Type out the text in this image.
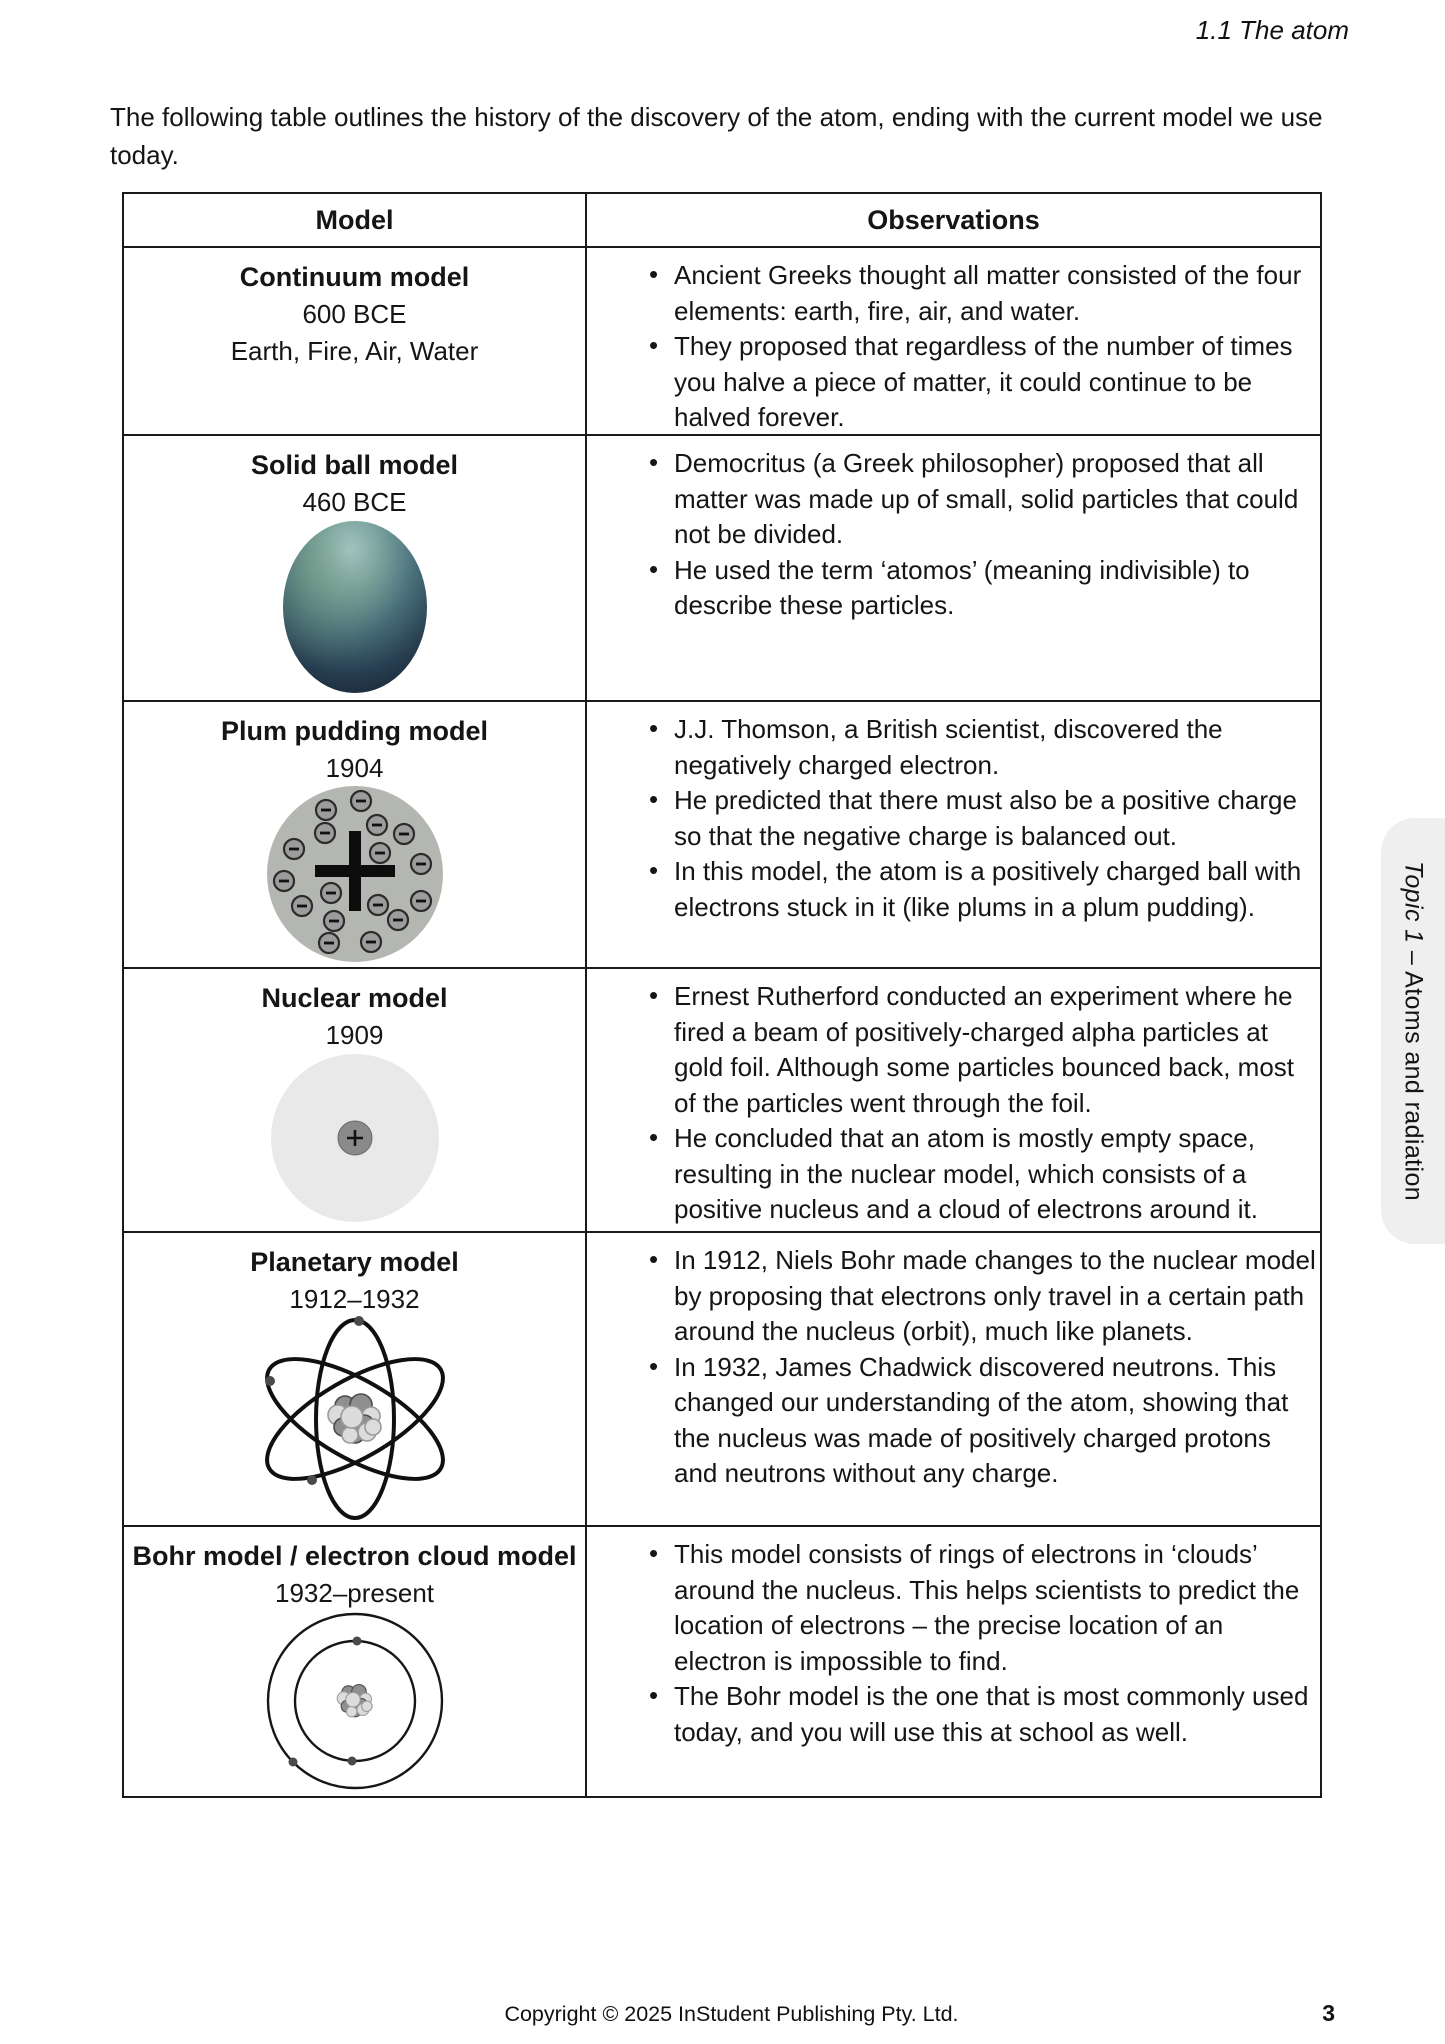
1.1 The atom
The following table outlines the history of the discovery of the atom, ending with the current model we use today.
Model	Observations
Continuum model
600 BCE
Earth, Fire, Air, Water
• Ancient Greeks thought all matter consisted of the four elements: earth, fire, air, and water.
• They proposed that regardless of the number of times you halve a piece of matter, it could continue to be halved forever.
Solid ball model
460 BCE
• Democritus (a Greek philosopher) proposed that all matter was made up of small, solid particles that could not be divided.
• He used the term ‘atomos’ (meaning indivisible) to describe these particles.
Plum pudding model
1904
• J.J. Thomson, a British scientist, discovered the negatively charged electron.
• He predicted that there must also be a positive charge so that the negative charge is balanced out.
• In this model, the atom is a positively charged ball with electrons stuck in it (like plums in a plum pudding).
Nuclear model
1909
• Ernest Rutherford conducted an experiment where he fired a beam of positively-charged alpha particles at gold foil. Although some particles bounced back, most of the particles went through the foil.
• He concluded that an atom is mostly empty space, resulting in the nuclear model, which consists of a positive nucleus and a cloud of electrons around it.
Planetary model
1912–1932
• In 1912, Niels Bohr made changes to the nuclear model by proposing that electrons only travel in a certain path around the nucleus (orbit), much like planets.
• In 1932, James Chadwick discovered neutrons. This changed our understanding of the atom, showing that the nucleus was made of positively charged protons and neutrons without any charge.
Bohr model / electron cloud model
1932–present
• This model consists of rings of electrons in ‘clouds’ around the nucleus. This helps scientists to predict the location of electrons – the precise location of an electron is impossible to find.
• The Bohr model is the one that is most commonly used today, and you will use this at school as well.
Topic 1 – Atoms and radiation
Copyright © 2025 InStudent Publishing Pty. Ltd.	3
